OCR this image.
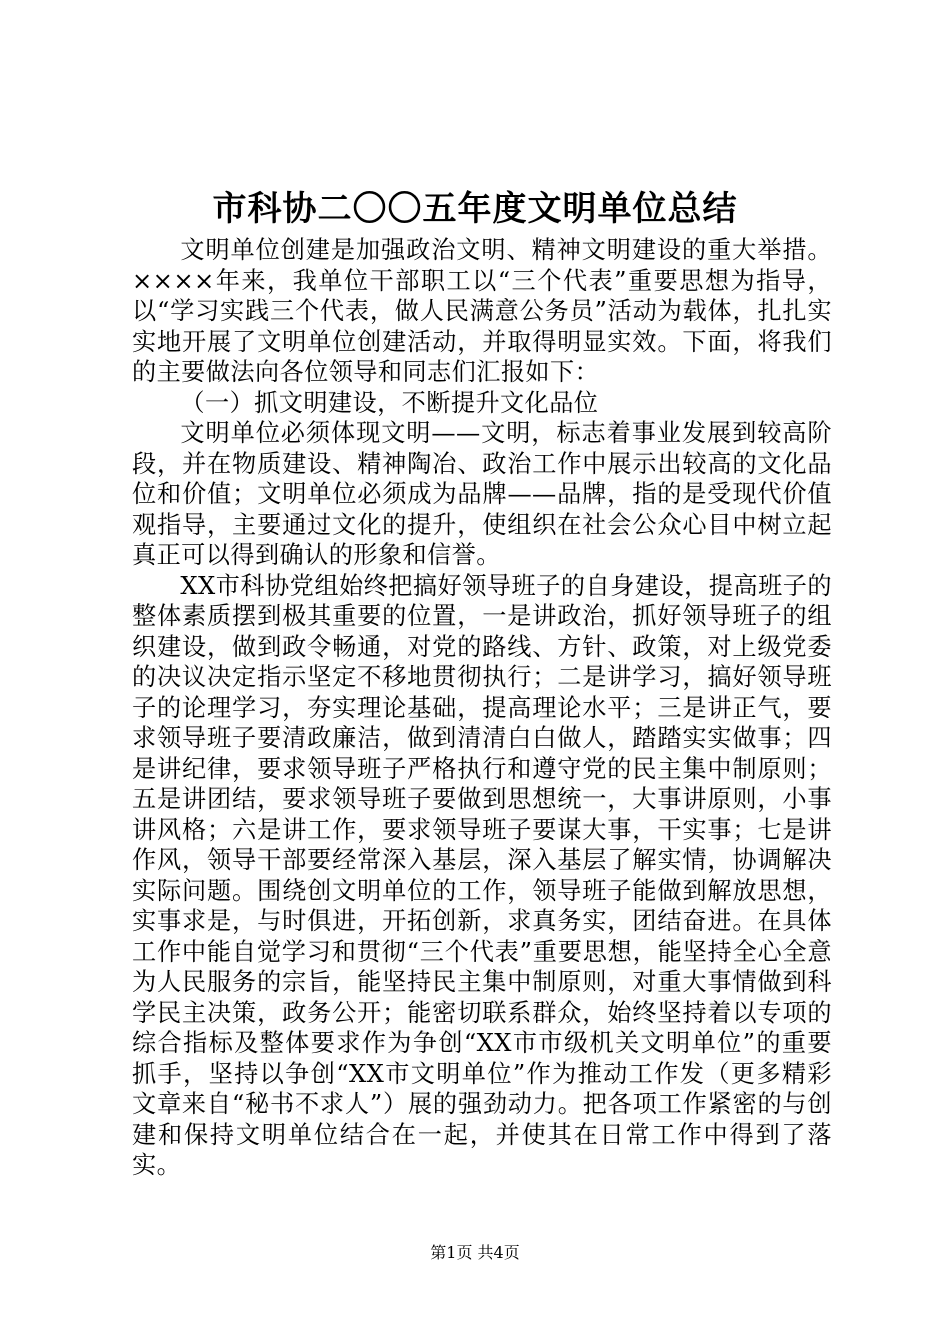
市科协二〇〇五年度文明单位总结

文明单位创建是加强政治文明、精神文明建设的重大举措。××××年来，我单位干部职工以“三个代表”重要思想为指导，以“学习实践三个代表，做人民满意公务员”活动为载体，扎扎实实地开展了文明单位创建活动，并取得明显实效。下面，将我们的主要做法向各位领导和同志们汇报如下：

（一）抓文明建设，不断提升文化品位

文明单位必须体现文明——文明，标志着事业发展到较高阶段，并在物质建设、精神陶冶、政治工作中展示出较高的文化品位和价值；文明单位必须成为品牌——品牌，指的是受现代价值观指导，主要通过文化的提升，使组织在社会公众心目中树立起真正可以得到确认的形象和信誉。

XX市科协党组始终把搞好领导班子的自身建设，提高班子的整体素质摆到极其重要的位置，一是讲政治，抓好领导班子的组织建设，做到政令畅通，对党的路线、方针、政策，对上级党委的决议决定指示坚定不移地贯彻执行；二是讲学习，搞好领导班子的论理学习，夯实理论基础，提高理论水平；三是讲正气，要求领导班子要清政廉洁，做到清清白白做人，踏踏实实做事；四是讲纪律，要求领导班子严格执行和遵守党的民主集中制原则；五是讲团结，要求领导班子要做到思想统一，大事讲原则，小事讲风格；六是讲工作，要求领导班子要谋大事，干实事；七是讲作风，领导干部要经常深入基层，深入基层了解实情，协调解决实际问题。围绕创文明单位的工作，领导班子能做到解放思想，实事求是，与时俱进，开拓创新，求真务实，团结奋进。在具体工作中能自觉学习和贯彻“三个代表”重要思想，能坚持全心全意为人民服务的宗旨，能坚持民主集中制原则，对重大事情做到科学民主决策，政务公开；能密切联系群众，始终坚持着以专项的综合指标及整体要求作为争创“XX市市级机关文明单位”的重要抓手，坚持以争创“XX市文明单位”作为推动工作发（更多精彩文章来自“秘书不求人”）展的强劲动力。把各项工作紧密的与创建和保持文明单位结合在一起，并使其在日常工作中得到了落实。

第1页 共4页
